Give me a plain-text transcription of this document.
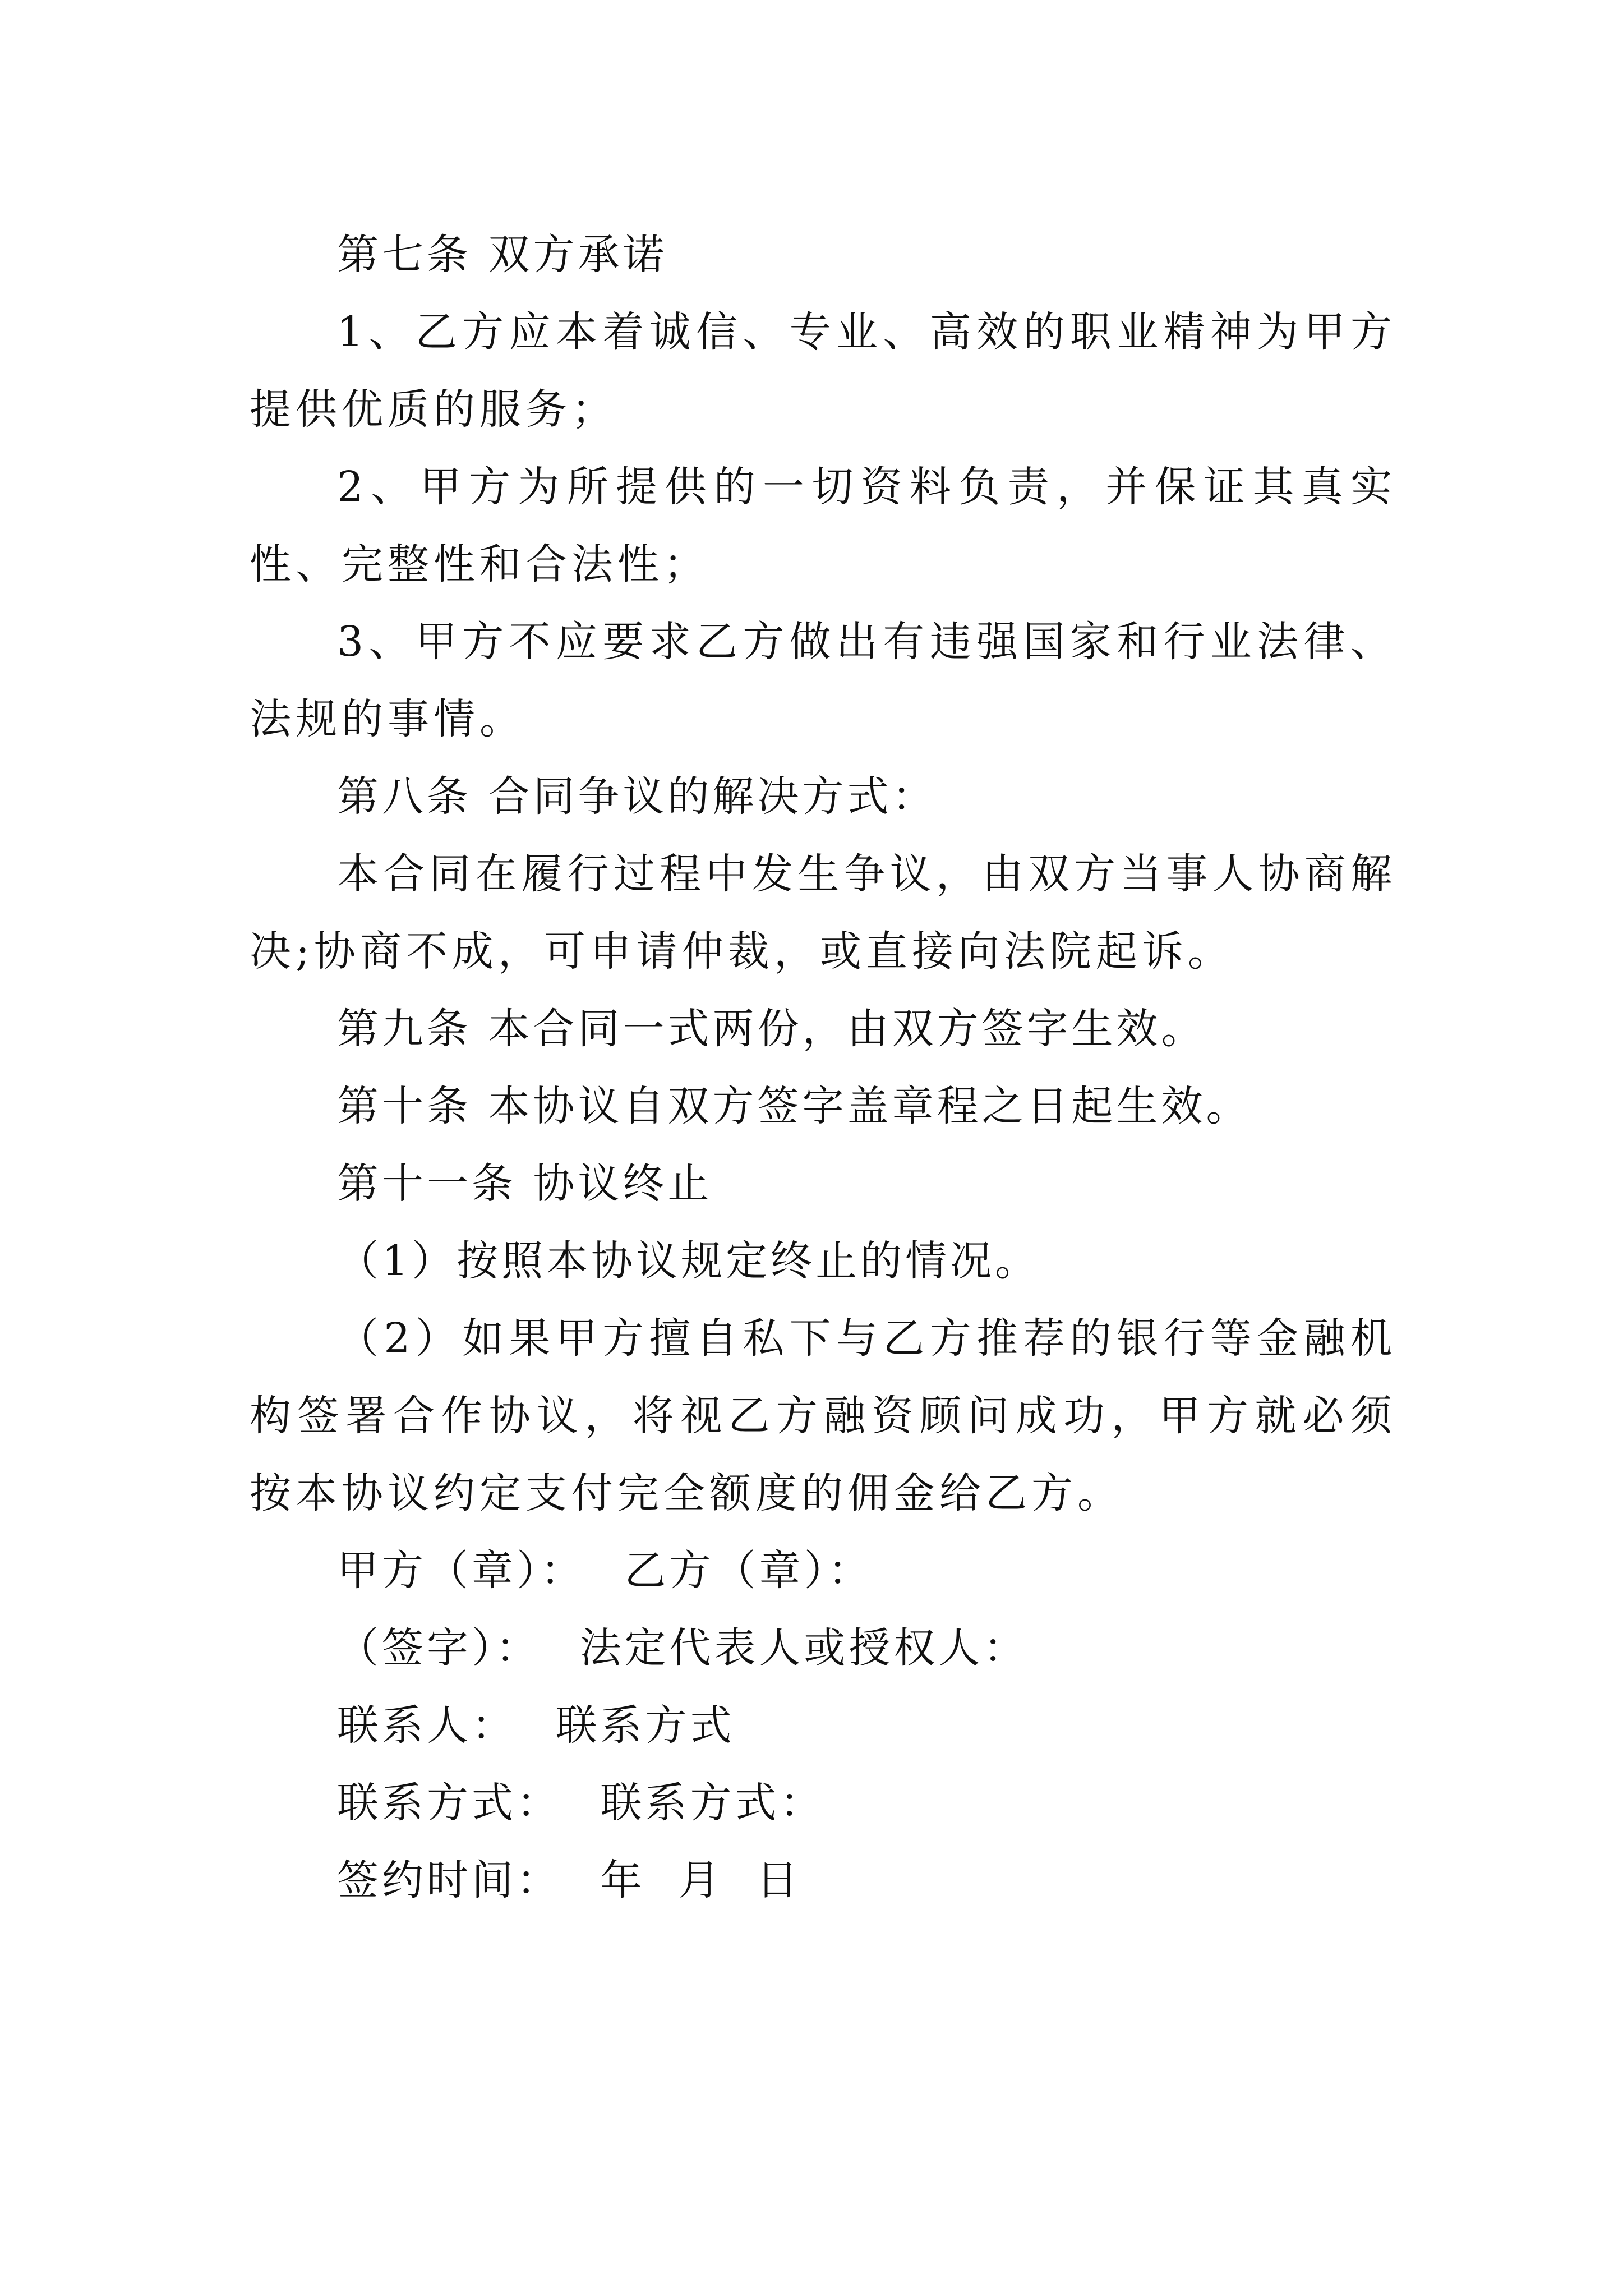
第七条 双方承诺

1、乙方应本着诚信、专业、高效的职业精神为甲方提供优质的服务；

2、甲方为所提供的一切资料负责，并保证其真实性、完整性和合法性；

3、甲方不应要求乙方做出有违强国家和行业法律、法规的事情。

第八条 合同争议的解决方式：

本合同在履行过程中发生争议，由双方当事人协商解决;协商不成，可申请仲裁，或直接向法院起诉。

第九条 本合同一式两份，由双方签字生效。

第十条 本协议自双方签字盖章程之日起生效。

第十一条 协议终止

（1）按照本协议规定终止的情况。

（2）如果甲方擅自私下与乙方推荐的银行等金融机构签署合作协议，将视乙方融资顾问成功，甲方就必须按本协议约定支付完全额度的佣金给乙方。

甲方（章）： 乙方（章）：

（签字）： 法定代表人或授权人：

联系人： 联系方式

联系方式： 联系方式：

签约时间： 年  月  日
